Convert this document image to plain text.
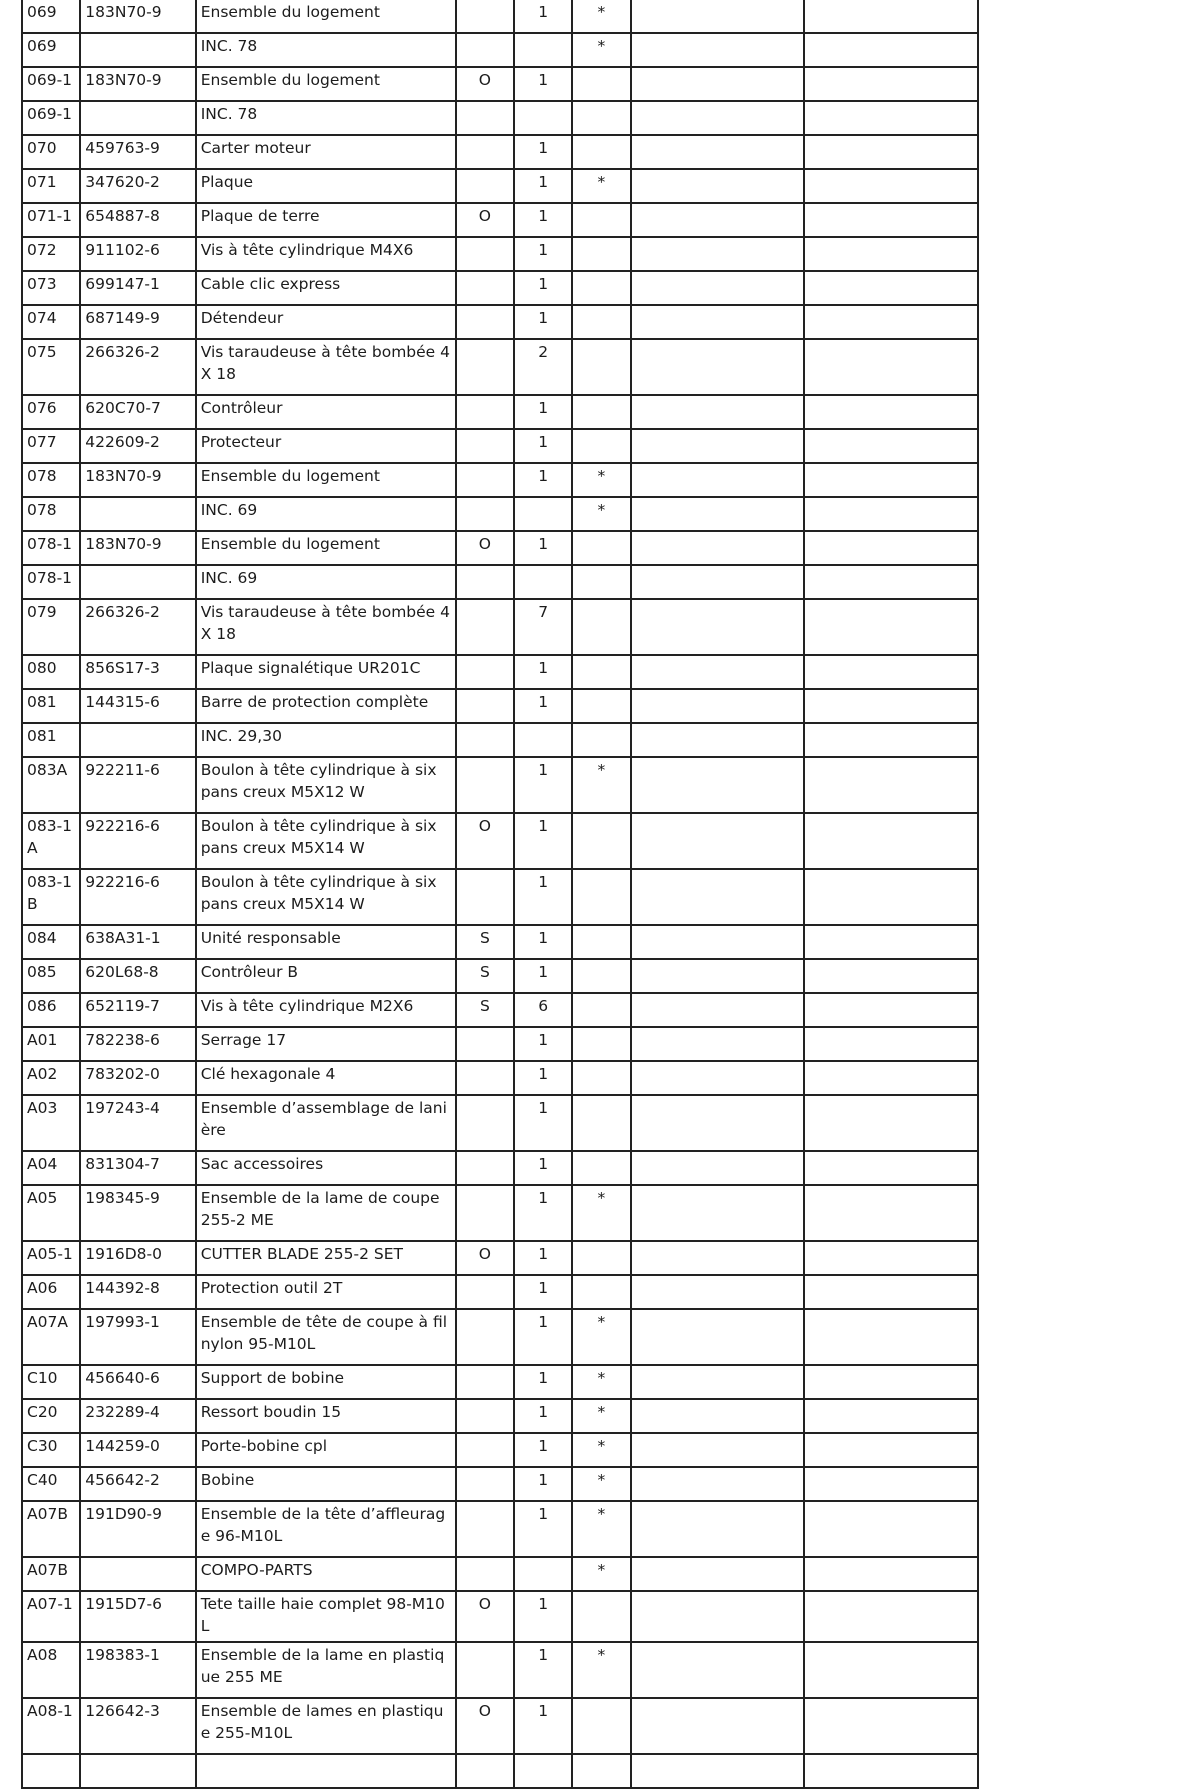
069	183N70-9	Ensemble du logement		1	*		
069		INC. 78			*		
069-1	183N70-9	Ensemble du logement	O	1			
069-1		INC. 78					
070	459763-9	Carter moteur		1			
071	347620-2	Plaque		1	*		
071-1	654887-8	Plaque de terre	O	1			
072	911102-6	Vis à tête cylindrique M4X6		1			
073	699147-1	Cable clic express		1			
074	687149-9	Détendeur		1			
075	266326-2	Vis taraudeuse à tête bombée 4X 18		2			
076	620C70-7	Contrôleur		1			
077	422609-2	Protecteur		1			
078	183N70-9	Ensemble du logement		1	*		
078		INC. 69			*		
078-1	183N70-9	Ensemble du logement	O	1			
078-1		INC. 69					
079	266326-2	Vis taraudeuse à tête bombée 4X 18		7			
080	856S17-3	Plaque signalétique UR201C		1			
081	144315-6	Barre de protection complète		1			
081		INC. 29,30					
083A	922211-6	Boulon à tête cylindrique à six pans creux M5X12 W		1	*		
083-1A	922216-6	Boulon à tête cylindrique à six pans creux M5X14 W	O	1			
083-1B	922216-6	Boulon à tête cylindrique à six pans creux M5X14 W		1			
084	638A31-1	Unité responsable	S	1			
085	620L68-8	Contrôleur B	S	1			
086	652119-7	Vis à tête cylindrique M2X6	S	6			
A01	782238-6	Serrage 17		1			
A02	783202-0	Clé hexagonale 4		1			
A03	197243-4	Ensemble d’assemblage de lanière		1			
A04	831304-7	Sac accessoires		1			
A05	198345-9	Ensemble de la lame de coupe 255-2 ME		1	*		
A05-1	1916D8-0	CUTTER BLADE 255-2 SET	O	1			
A06	144392-8	Protection outil 2T		1			
A07A	197993-1	Ensemble de tête de coupe à fil nylon 95-M10L		1	*		
C10	456640-6	Support de bobine		1	*		
C20	232289-4	Ressort boudin 15		1	*		
C30	144259-0	Porte-bobine cpl		1	*		
C40	456642-2	Bobine		1	*		
A07B	191D90-9	Ensemble de la tête d’affleurage 96-M10L		1	*		
A07B		COMPO-PARTS			*		
A07-1	1915D7-6	Tete taille haie complet 98-M10L	O	1			
A08	198383-1	Ensemble de la lame en plastique 255 ME		1	*		
A08-1	126642-3	Ensemble de lames en plastique 255-M10L	O	1			
